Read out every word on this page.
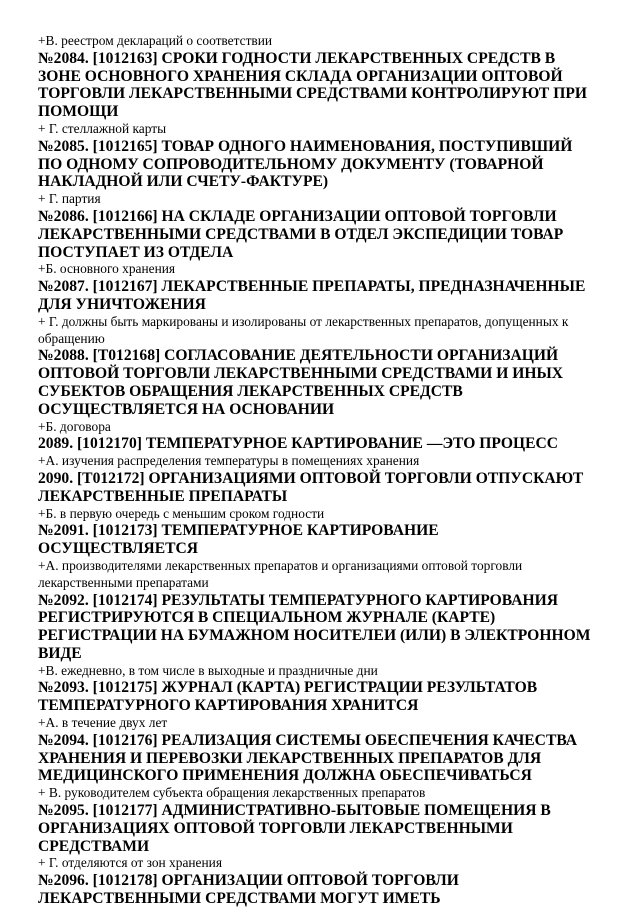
+В. реестром деклараций о соответствии
№2084. [1012163] СРОКИ ГОДНОСТИ ЛЕКАРСТВЕННЫХ СРЕДСТВ В ЗОНЕ ОСНОВНОГО ХРАНЕНИЯ СКЛАДА ОРГАНИЗАЦИИ ОПТОВОЙ ТОРГОВЛИ ЛЕКАРСТВЕННЫМИ СРЕДСТВАМИ КОНТРОЛИРУЮТ ПРИ ПОМОЩИ
+ Г. стеллажной карты
№2085. [1012165] ТОВАР ОДНОГО НАИМЕНОВАНИЯ, ПОСТУПИВШИЙ ПО ОДНОМУ СОПРОВОДИТЕЛЬНОМУ ДОКУМЕНТУ (ТОВАРНОЙ НАКЛАДНОЙ ИЛИ СЧЕТУ-ФАКТУРЕ)
+ Г. партия
№2086. [1012166] НА СКЛАДЕ ОРГАНИЗАЦИИ ОПТОВОЙ ТОРГОВЛИ ЛЕКАРСТВЕННЫМИ СРЕДСТВАМИ В ОТДЕЛ ЭКСПЕДИЦИИ ТОВАР ПОСТУПАЕТ ИЗ ОТДЕЛА
+Б. основного хранения
№2087. [1012167] ЛЕКАРСТВЕННЫЕ ПРЕПАРАТЫ, ПРЕДНАЗНАЧЕННЫЕ ДЛЯ УНИЧТОЖЕНИЯ
+ Г. должны быть маркированы и изолированы от лекарственных препаратов, допущенных к обращению
№2088. [Т012168] СОГЛАСОВАНИЕ ДЕЯТЕЛЬНОСТИ ОРГАНИЗАЦИЙ ОПТОВОЙ ТОРГОВЛИ ЛЕКАРСТВЕННЫМИ СРЕДСТВАМИ И ИНЫХ СУБЕКТОВ ОБРАЩЕНИЯ ЛЕКАРСТВЕННЫХ СРЕДСТВ ОСУЩЕСТВЛЯЕТСЯ НА ОСНОВАНИИ
+Б. договора
2089. [1012170] ТЕМПЕРАТУРНОЕ КАРТИРОВАНИЕ —ЭТО ПРОЦЕСС
+А. изучения распределения температуры в помещениях хранения
2090. [Т012172] ОРГАНИЗАЦИЯМИ ОПТОВОЙ ТОРГОВЛИ ОТПУСКАЮТ ЛЕКАРСТВЕННЫЕ ПРЕПАРАТЫ
+Б. в первую очередь с меньшим сроком годности
№2091. [1012173] ТЕМПЕРАТУРНОЕ КАРТИРОВАНИЕ ОСУЩЕСТВЛЯЕТСЯ
+А. производителями лекарственных препаратов и организациями оптовой торговли лекарственными препаратами
№2092. [1012174] РЕЗУЛЬТАТЫ ТЕМПЕРАТУРНОГО КАРТИРОВАНИЯ РЕГИСТРИРУЮТСЯ В СПЕЦИАЛЬНОМ ЖУРНАЛЕ (КАРТЕ) РЕГИСТРАЦИИ НА БУМАЖНОМ НОСИТЕЛЕИ (ИЛИ) В ЭЛЕКТРОННОМ ВИДЕ
+В. ежедневно, в том числе в выходные и праздничные дни
№2093. [1012175] ЖУРНАЛ (КАРТА) РЕГИСТРАЦИИ РЕЗУЛЬТАТОВ ТЕМПЕРАТУРНОГО КАРТИРОВАНИЯ ХРАНИТСЯ
+А. в течение двух лет
№2094. [1012176] РЕАЛИЗАЦИЯ СИСТЕМЫ ОБЕСПЕЧЕНИЯ КАЧЕСТВА ХРАНЕНИЯ И ПЕРЕВОЗКИ ЛЕКАРСТВЕННЫХ ПРЕПАРАТОВ ДЛЯ МЕДИЦИНСКОГО ПРИМЕНЕНИЯ ДОЛЖНА ОБЕСПЕЧИВАТЬСЯ
+ В. руководителем субъекта обращения лекарственных препаратов
№2095. [1012177] АДМИНИСТРАТИВНО-БЫТОВЫЕ ПОМЕЩЕНИЯ В ОРГАНИЗАЦИЯХ ОПТОВОЙ ТОРГОВЛИ ЛЕКАРСТВЕННЫМИ СРЕДСТВАМИ
+ Г. отделяются от зон хранения
№2096. [1012178] ОРГАНИЗАЦИИ ОПТОВОЙ ТОРГОВЛИ ЛЕКАРСТВЕННЫМИ СРЕДСТВАМИ МОГУТ ИМЕТЬ
